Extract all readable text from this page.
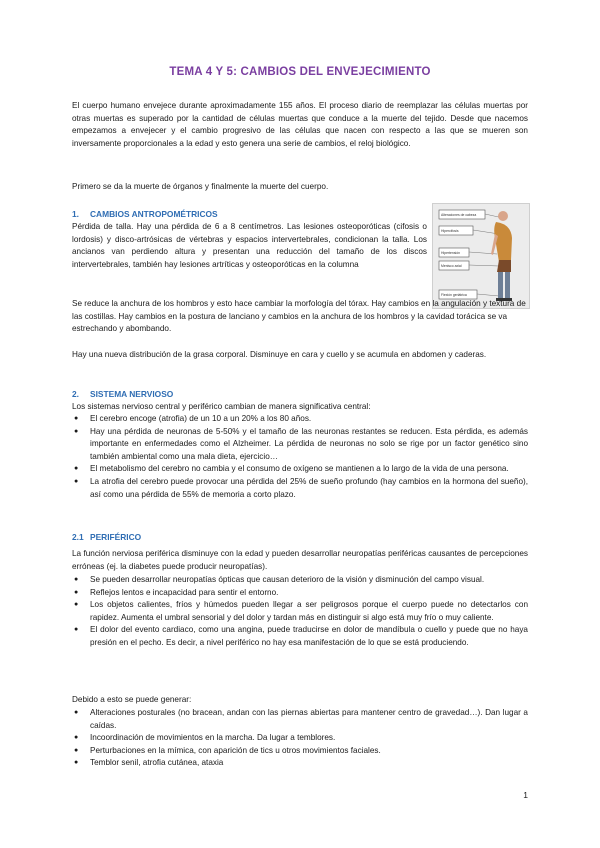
TEMA 4 Y 5: CAMBIOS DEL ENVEJECIMIENTO

El cuerpo humano envejece durante aproximadamente 155 años. El proceso diario de reemplazar las células muertas por otras muertas es superado por la cantidad de células muertas que conduce a la muerte del tejido. Desde que nacemos empezamos a envejecer y el cambio progresivo de las células que nacen con respecto a las que se mueren son inversamente proporcionales a la edad y esto genera una serie de cambios, el reloj biológico.

Primero se da la muerte de órganos y finalmente la muerte del cuerpo.

1. CAMBIOS ANTROPOMÉTRICOS

Pérdida de talla. Hay una pérdida de 6 a 8 centímetros. Las lesiones osteoporóticas (cifosis o lordosis) y disco-artrósicas de vértebras y espacios intervertebrales, condicionan la talla. Los ancianos van perdiendo altura y presentan una reducción del tamaño de los discos intervertebrales, también hay lesiones artríticas y osteoporóticas en la columna

Alteraciones de cabeza
Hipercifosis
Hipertensión
Menisco axial
Flexión geriátrica

Se reduce la anchura de los hombros y esto hace cambiar la morfología del tórax. Hay cambios en la angulación y textura de las costillas. Hay cambios en la postura de lanciano y cambios en la anchura de los hombros y la cavidad torácica se va estrechando y abombando.

Hay una nueva distribución de la grasa corporal. Disminuye en cara y cuello y se acumula en abdomen y caderas.

2. SISTEMA NERVIOSO

Los sistemas nervioso central y periférico cambian de manera significativa central:

● El cerebro encoge (atrofia) de un 10 a un 20% a los 80 años.
● Hay una pérdida de neuronas de 5-50% y el tamaño de las neuronas restantes se reducen. Esta pérdida, es además importante en enfermedades como el Alzheimer. La pérdida de neuronas no solo se rige por un factor genético sino también ambiental como una mala dieta, ejercicio…
● El metabolismo del cerebro no cambia y el consumo de oxígeno se mantienen a lo largo de la vida de una persona.
● La atrofia del cerebro puede provocar una pérdida del 25% de sueño profundo (hay cambios en la hormona del sueño), así como una pérdida de 55% de memoria a corto plazo.
2.1 PERIFÉRICO

La función nerviosa periférica disminuye con la edad y pueden desarrollar neuropatías periféricas causantes de percepciones erróneas (ej. la diabetes puede producir neuropatías).

● Se pueden desarrollar neuropatías ópticas que causan deterioro de la visión y disminución del campo visual.
● Reflejos lentos e incapacidad para sentir el entorno.
● Los objetos calientes, fríos y húmedos pueden llegar a ser peligrosos porque el cuerpo puede no detectarlos con rapidez. Aumenta el umbral sensorial y del dolor y tardan más en distinguir si algo está muy frío o muy caliente.
● El dolor del evento cardiaco, como una angina, puede traducirse en dolor de mandíbula o cuello y puede que no haya presión en el pecho. Es decir, a nivel periférico no hay esa manifestación de lo que se está produciendo.

Debido a esto se puede generar:

● Alteraciones posturales (no bracean, andan con las piernas abiertas para mantener centro de gravedad…). Dan lugar a caídas.
● Incoordinación de movimientos en la marcha. Da lugar a temblores.
● Perturbaciones en la mímica, con aparición de tics u otros movimientos faciales.
● Temblor senil, atrofia cutánea, ataxia
1
